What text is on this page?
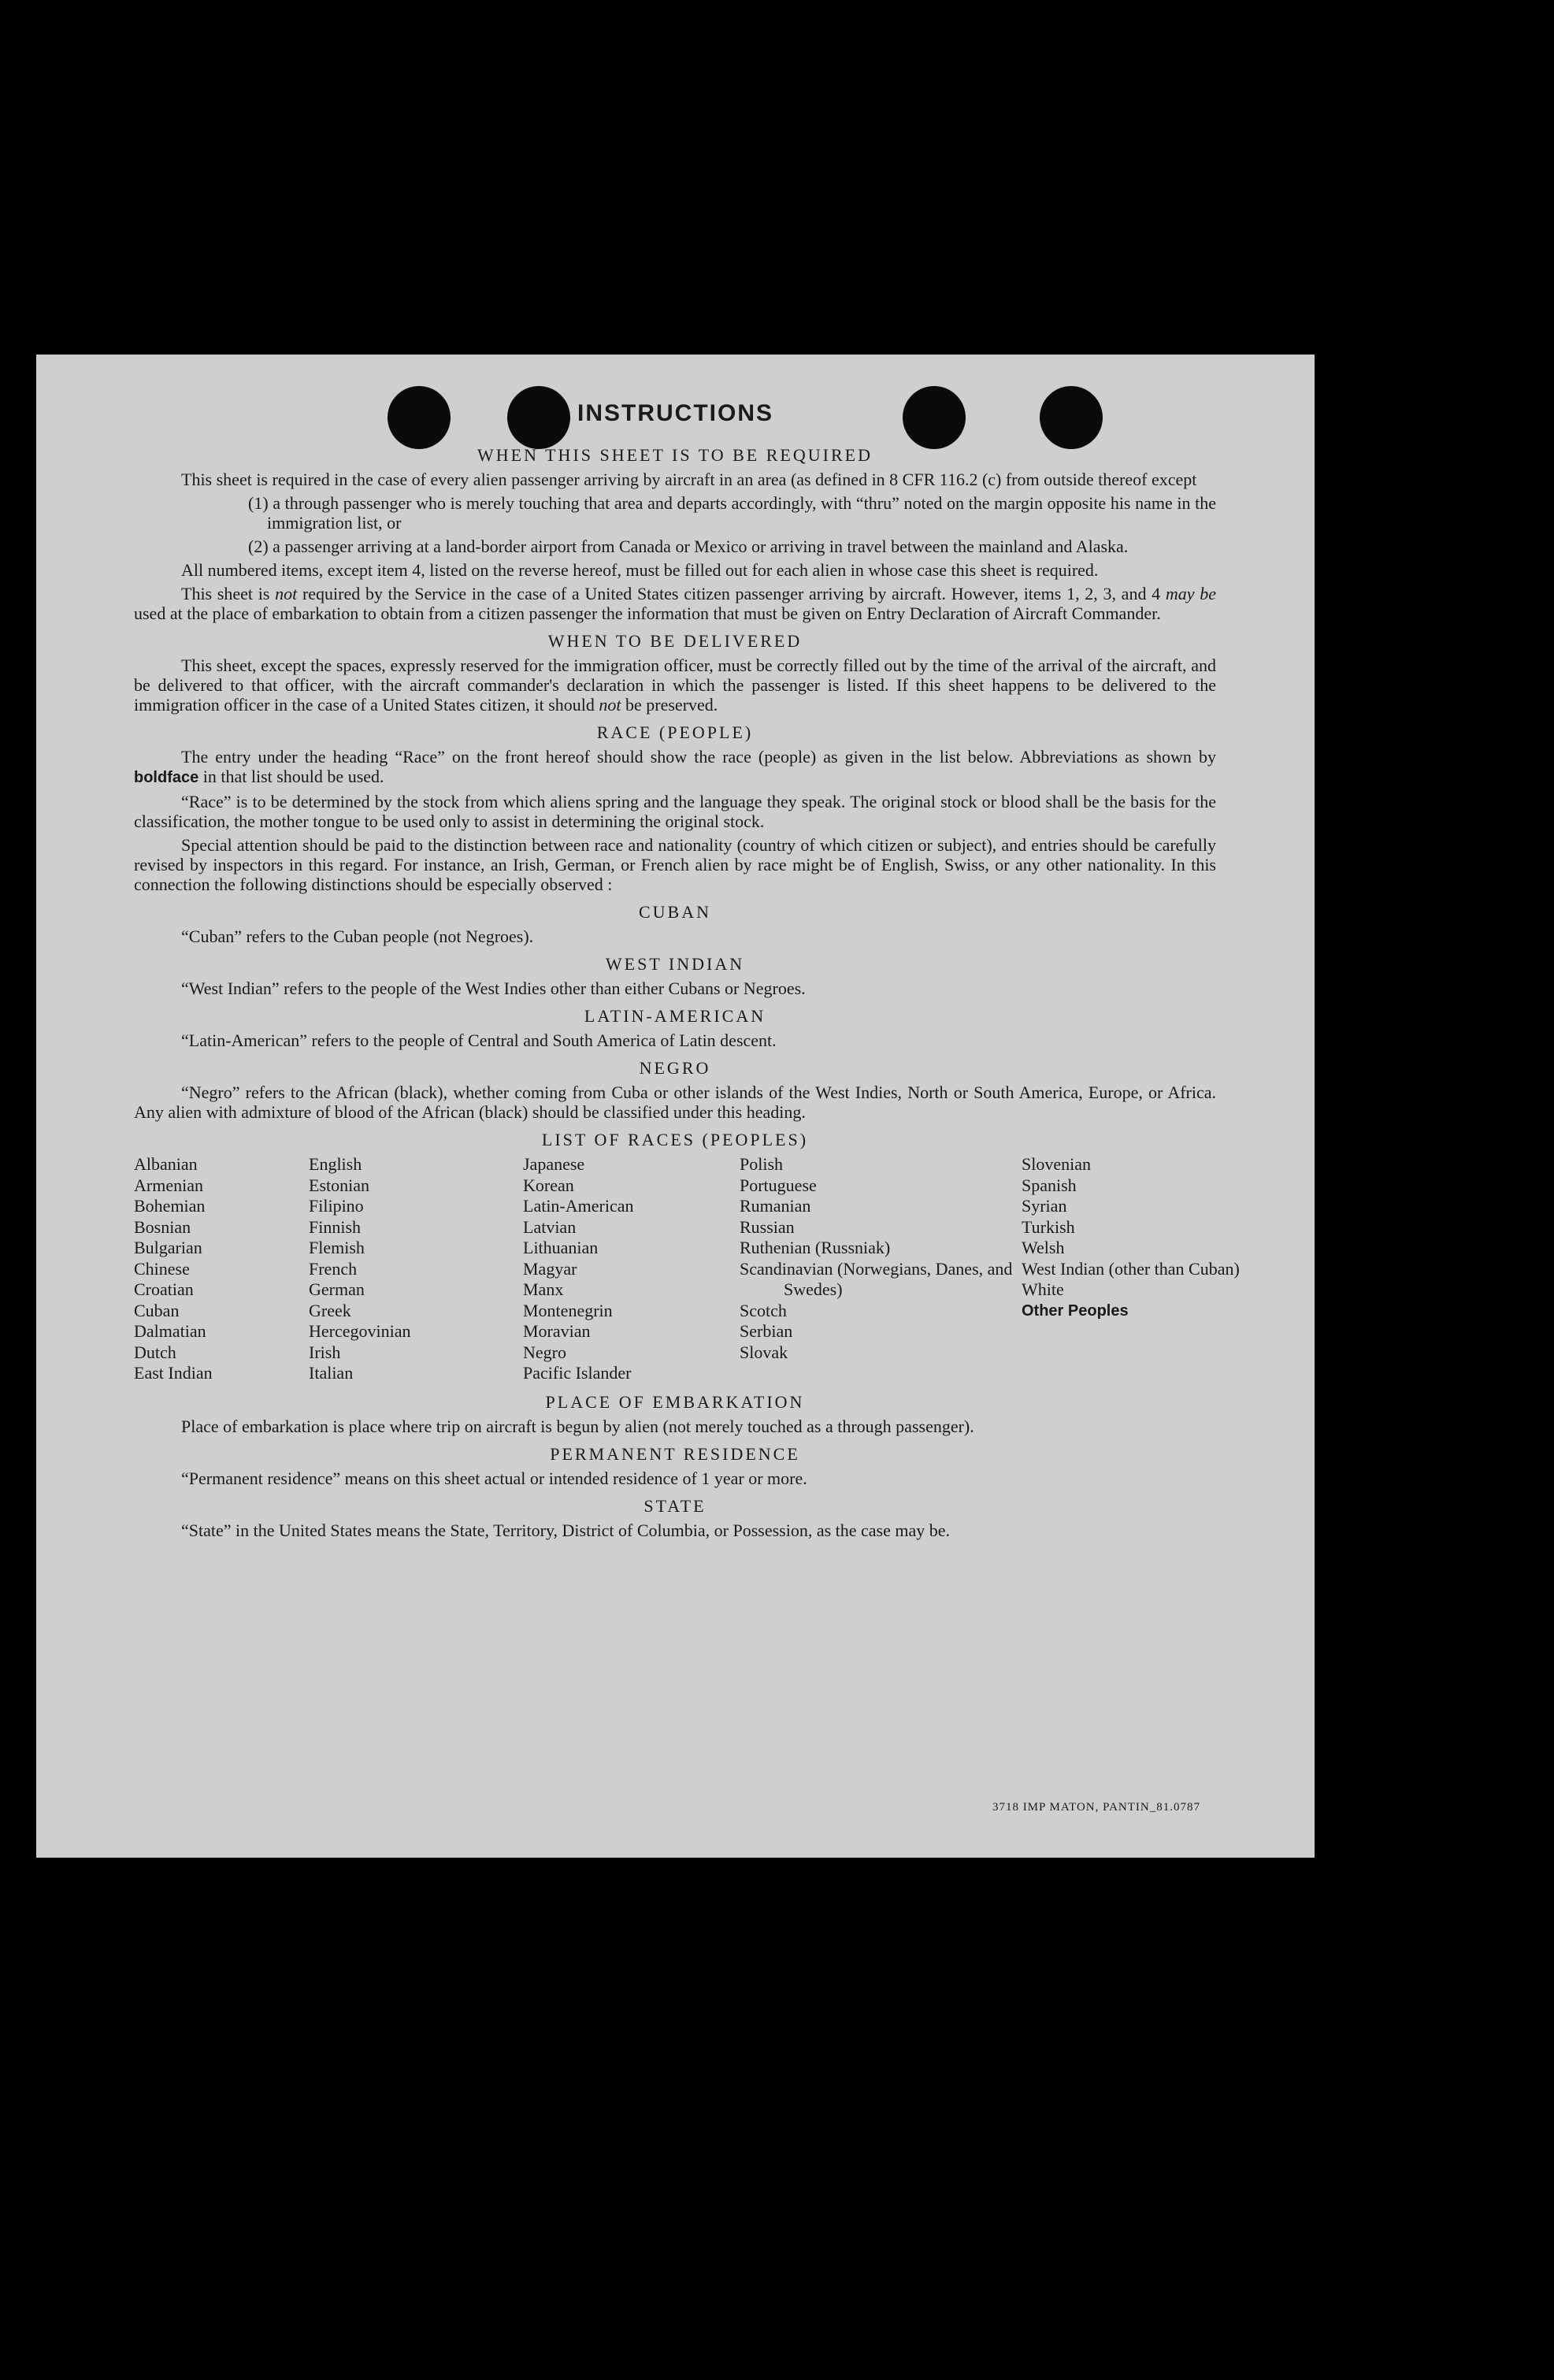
INSTRUCTIONS
WHEN THIS SHEET IS TO BE REQUIRED

This sheet is required in the case of every alien passenger arriving by aircraft in an area (as defined in 8 CFR 116.2 (c) from outside thereof except

(1) a through passenger who is merely touching that area and departs accordingly, with “thru” noted on the margin opposite his name in the immigration list, or

(2) a passenger arriving at a land-border airport from Canada or Mexico or arriving in travel between the mainland and Alaska.

All numbered items, except item 4, listed on the reverse hereof, must be filled out for each alien in whose case this sheet is required.

This sheet is not required by the Service in the case of a United States citizen passenger arriving by aircraft. However, items 1, 2, 3, and 4 may be used at the place of embarkation to obtain from a citizen passenger the information that must be given on Entry Declaration of Aircraft Commander.

WHEN TO BE DELIVERED

This sheet, except the spaces, expressly reserved for the immigration officer, must be correctly filled out by the time of the arrival of the aircraft, and be delivered to that officer, with the aircraft commander's declaration in which the passenger is listed. If this sheet happens to be delivered to the immigration officer in the case of a United States citizen, it should not be preserved.

RACE (PEOPLE)

The entry under the heading “Race” on the front hereof should show the race (people) as given in the list below. Abbreviations as shown by boldface in that list should be used.

“Race” is to be determined by the stock from which aliens spring and the language they speak. The original stock or blood shall be the basis for the classification, the mother tongue to be used only to assist in determining the original stock.

Special attention should be paid to the distinction between race and nationality (country of which citizen or subject), and entries should be carefully revised by inspectors in this regard. For instance, an Irish, German, or French alien by race might be of English, Swiss, or any other nationality. In this connection the following distinctions should be especially observed :

CUBAN

“Cuban” refers to the Cuban people (not Negroes).

WEST INDIAN

“West Indian” refers to the people of the West Indies other than either Cubans or Negroes.

LATIN-AMERICAN

“Latin-American” refers to the people of Central and South America of Latin descent.

NEGRO

“Negro” refers to the African (black), whether coming from Cuba or other islands of the West Indies, North or South America, Europe, or Africa. Any alien with admixture of blood of the African (black) should be classified under this heading.

LIST OF RACES (PEOPLES)
Albanian
Armenian
Bohemian
Bosnian
Bulgarian
Chinese
Croatian
Cuban
Dalmatian
Dutch
East Indian
English
Estonian
Filipino
Finnish
Flemish
French
German
Greek
Hercegovinian
Irish
Italian
Japanese
Korean
Latin-American
Latvian
Lithuanian
Magyar
Manx
Montenegrin
Moravian
Negro
Pacific Islander
Polish
Portuguese
Rumanian
Russian
Ruthenian (Russniak)
Scandinavian (Norwegians, Danes, and Swedes)
Scotch
Serbian
Slovak
Slovenian
Spanish
Syrian
Turkish
Welsh
West Indian (other than Cuban)
White
Other Peoples
PLACE OF EMBARKATION

Place of embarkation is place where trip on aircraft is begun by alien (not merely touched as a through passenger).

PERMANENT RESIDENCE

“Permanent residence” means on this sheet actual or intended residence of 1 year or more.

STATE

“State” in the United States means the State, Territory, District of Columbia, or Possession, as the case may be.

3718 IMP MATON, PANTIN_81.0787
